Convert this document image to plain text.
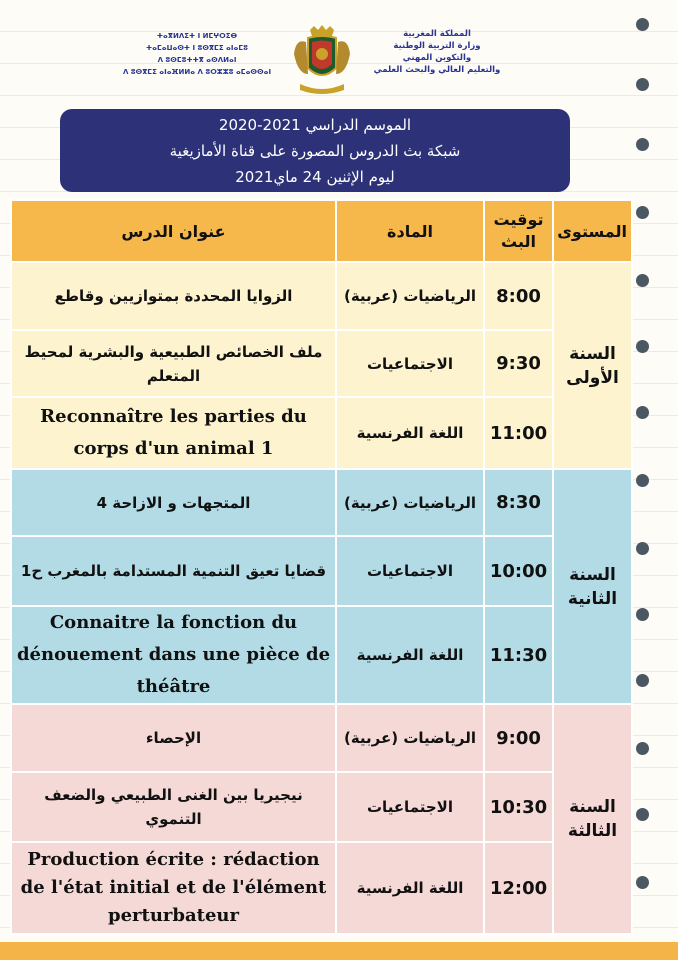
ⵜⴰⴳⵍⴷⵉⵜ ⵏ ⵍⵎⵖⵔⵉⴱ
ⵜⴰⵎⴰⵡⴰⵙⵜ ⵏ ⵓⵙⴳⵎⵉ ⴰⵏⴰⵎⵓ
ⴷ ⵓⵙⵎⵓⵜⵜⴳ ⴰⵙⴷⵍⴰⵏ
ⴷ ⵓⵙⴳⵎⵉ ⴰⵏⴰⴼⵍⵍⴰ ⴷ ⵓⵔⵣⵣⵓ ⴰⵎⴰⵙⵙⴰⵏ
المملكة المغربية
وزارة التربية الوطنية
والتكوين المهني
والتعليم العالي والبحث العلمي
الموسم الدراسي 2021-2020
شبكة بث الدروس المصورة على قناة الأمازيغية
ليوم الإثنين 24 ماي2021
المستوى	توقيت البث	المادة	عنوان الدرس
السنة الأولى	8:00	الرياضيات (عربية)	الزوايا المحددة بمتوازيين وقاطع
	9:30	الاجتماعيات	ملف الخصائص الطبيعية والبشرية لمحيط المتعلم
	11:00	اللغة الفرنسية	Reconnaître les parties du corps d'un animal 1
السنة الثانية	8:30	الرياضيات (عربية)	المتجهات و الازاحة 4
	10:00	الاجتماعيات	قضايا تعيق التنمية المستدامة بالمغرب ح1
	11:30	اللغة الفرنسية	Connaitre la fonction du dénouement dans une pièce de théâtre
السنة الثالثة	9:00	الرياضيات (عربية)	الإحصاء
	10:30	الاجتماعيات	نيجيريا بين الغنى الطبيعي والضعف التنموي
	12:00	اللغة الفرنسية	Production écrite : rédaction de l'état initial et de l'élément perturbateur
